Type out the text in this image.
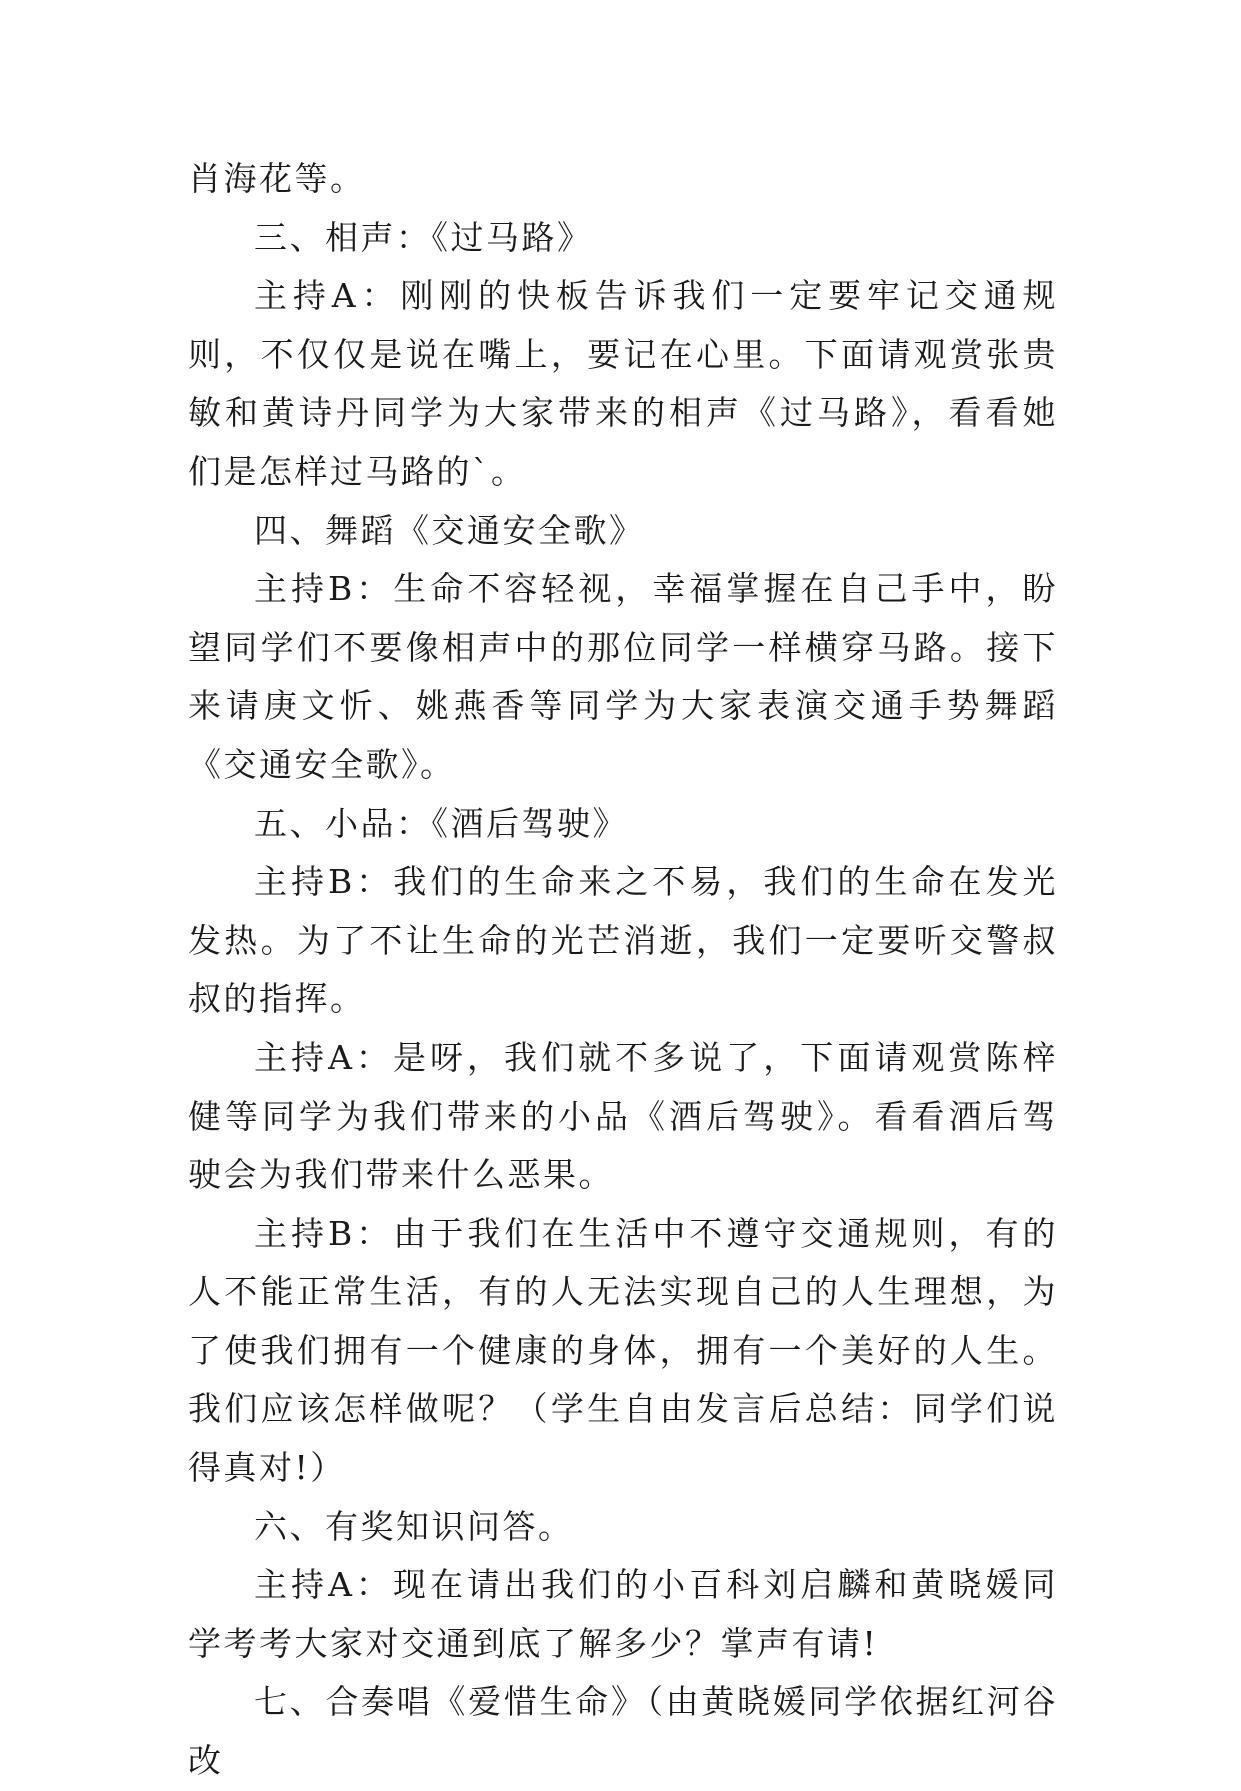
肖海花等。

三、相声：《过马路》

主持A：刚刚的快板告诉我们一定要牢记交通规则，不仅仅是说在嘴上，要记在心里。下面请观赏张贵敏和黄诗丹同学为大家带来的相声《过马路》，看看她们是怎样过马路的`。

四、舞蹈《交通安全歌》

主持B：生命不容轻视，幸福掌握在自己手中，盼望同学们不要像相声中的那位同学一样横穿马路。接下来请庚文忻、姚燕香等同学为大家表演交通手势舞蹈《交通安全歌》。

五、小品：《酒后驾驶》

主持B：我们的生命来之不易，我们的生命在发光发热。为了不让生命的光芒消逝，我们一定要听交警叔叔的指挥。

主持A：是呀，我们就不多说了，下面请观赏陈梓健等同学为我们带来的小品《酒后驾驶》。看看酒后驾驶会为我们带来什么恶果。

主持B：由于我们在生活中不遵守交通规则，有的人不能正常生活，有的人无法实现自己的人生理想，为了使我们拥有一个健康的身体，拥有一个美好的人生。我们应该怎样做呢？（学生自由发言后总结：同学们说得真对!）

六、有奖知识问答。

主持A：现在请出我们的小百科刘启麟和黄晓媛同学考考大家对交通到底了解多少？掌声有请!

七、合奏唱《爱惜生命》（由黄晓媛同学依据红河谷改
